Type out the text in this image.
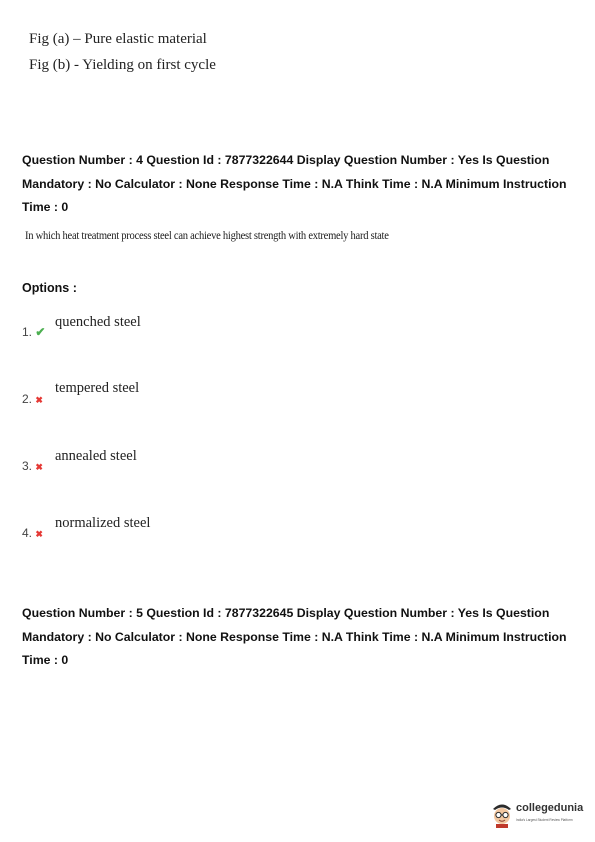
Fig (a) – Pure elastic material
Fig (b) - Yielding on first cycle
Question Number : 4 Question Id : 7877322644 Display Question Number : Yes Is Question Mandatory : No Calculator : None Response Time : N.A Think Time : N.A Minimum Instruction Time : 0
In which heat treatment process steel can achieve highest strength with extremely hard state
Options :
1. ✔
quenched steel
2. ✖
tempered steel
3. ✖
annealed steel
4. ✖
normalized steel
Question Number : 5 Question Id : 7877322645 Display Question Number : Yes Is Question Mandatory : No Calculator : None Response Time : N.A Think Time : N.A Minimum Instruction Time : 0
collegedunia
India's Largest Student Review Platform
